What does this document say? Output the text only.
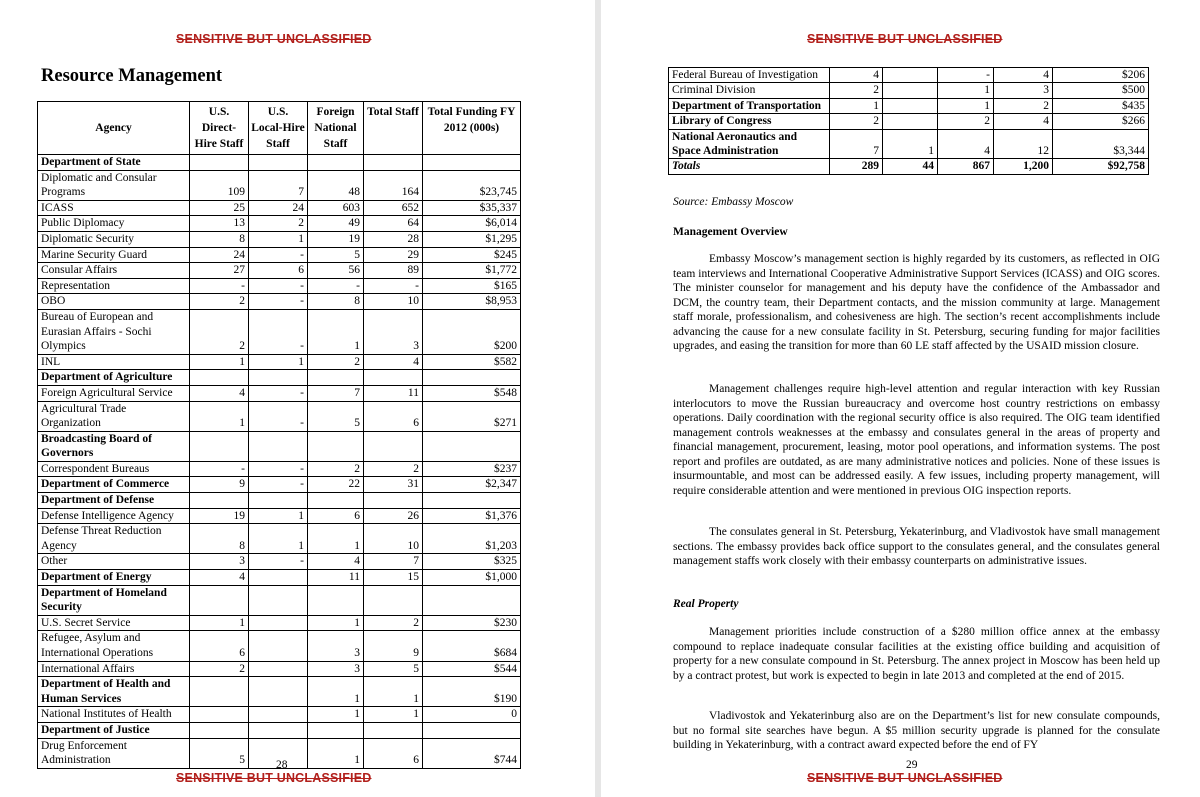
SENSITIVE BUT UNCLASSIFIED
Resource Management
Agency	U.S. Direct-Hire Staff	U.S. Local-Hire Staff	Foreign National Staff	Total Staff	Total Funding FY 2012 (000s)
Department of State					
Diplomatic and Consular Programs	109	7	48	164	$23,745
ICASS	25	24	603	652	$35,337
Public Diplomacy	13	2	49	64	$6,014
Diplomatic Security	8	1	19	28	$1,295
Marine Security Guard	24	-	5	29	$245
Consular Affairs	27	6	56	89	$1,772
Representation	-	-	-	-	$165
OBO	2	-	8	10	$8,953
Bureau of European and Eurasian Affairs - Sochi Olympics	2	-	1	3	$200
INL	1	1	2	4	$582
Department of Agriculture					
Foreign Agricultural Service	4	-	7	11	$548
Agricultural Trade Organization	1	-	5	6	$271
Broadcasting Board of Governors					
Correspondent Bureaus	-	-	2	2	$237
Department of Commerce	9	-	22	31	$2,347
Department of Defense					
Defense Intelligence Agency	19	1	6	26	$1,376
Defense Threat Reduction Agency	8	1	1	10	$1,203
Other	3	-	4	7	$325
Department of Energy	4		11	15	$1,000
Department of Homeland Security					
U.S. Secret Service	1		1	2	$230
Refugee, Asylum and International Operations	6		3	9	$684
International Affairs	2		3	5	$544
Department of Health and Human Services			1	1	$190
National Institutes of Health			1	1	0
Department of Justice					
Drug Enforcement Administration	5		1	6	$744
28
SENSITIVE BUT UNCLASSIFIED
SENSITIVE BUT UNCLASSIFIED
Federal Bureau of Investigation	4		-	4	$206
Criminal Division	2		1	3	$500
Department of Transportation	1		1	2	$435
Library of Congress	2		2	4	$266
National Aeronautics and Space Administration	7	1	4	12	$3,344
Totals	289	44	867	1,200	$92,758
Source: Embassy Moscow
Management Overview

Embassy Moscow’s management section is highly regarded by its customers, as reflected in OIG team interviews and International Cooperative Administrative Support Services (ICASS) and OIG scores. The minister counselor for management and his deputy have the confidence of the Ambassador and DCM, the country team, their Department contacts, and the mission community at large. Management staff morale, professionalism, and cohesiveness are high. The section’s recent accomplishments include advancing the cause for a new consulate facility in St. Petersburg, securing funding for major facilities upgrades, and easing the transition for more than 60 LE staff affected by the USAID mission closure.

Management challenges require high-level attention and regular interaction with key Russian interlocutors to move the Russian bureaucracy and overcome host country restrictions on embassy operations. Daily coordination with the regional security office is also required. The OIG team identified management controls weaknesses at the embassy and consulates general in the areas of property and financial management, procurement, leasing, motor pool operations, and information systems. The post report and profiles are outdated, as are many administrative notices and policies. None of these issues is insurmountable, and most can be addressed easily. A few issues, including property management, will require considerable attention and were mentioned in previous OIG inspection reports.

The consulates general in St. Petersburg, Yekaterinburg, and Vladivostok have small management sections. The embassy provides back office support to the consulates general, and the consulates general management staffs work closely with their embassy counterparts on administrative issues.

Real Property

Management priorities include construction of a $280 million office annex at the embassy compound to replace inadequate consular facilities at the existing office building and acquisition of property for a new consulate compound in St. Petersburg. The annex project in Moscow has been held up by a contract protest, but work is expected to begin in late 2013 and completed at the end of 2015.

Vladivostok and Yekaterinburg also are on the Department’s list for new consulate compounds, but no formal site searches have begun. A $5 million security upgrade is planned for the consulate building in Yekaterinburg, with a contract award expected before the end of FY

29
SENSITIVE BUT UNCLASSIFIED
